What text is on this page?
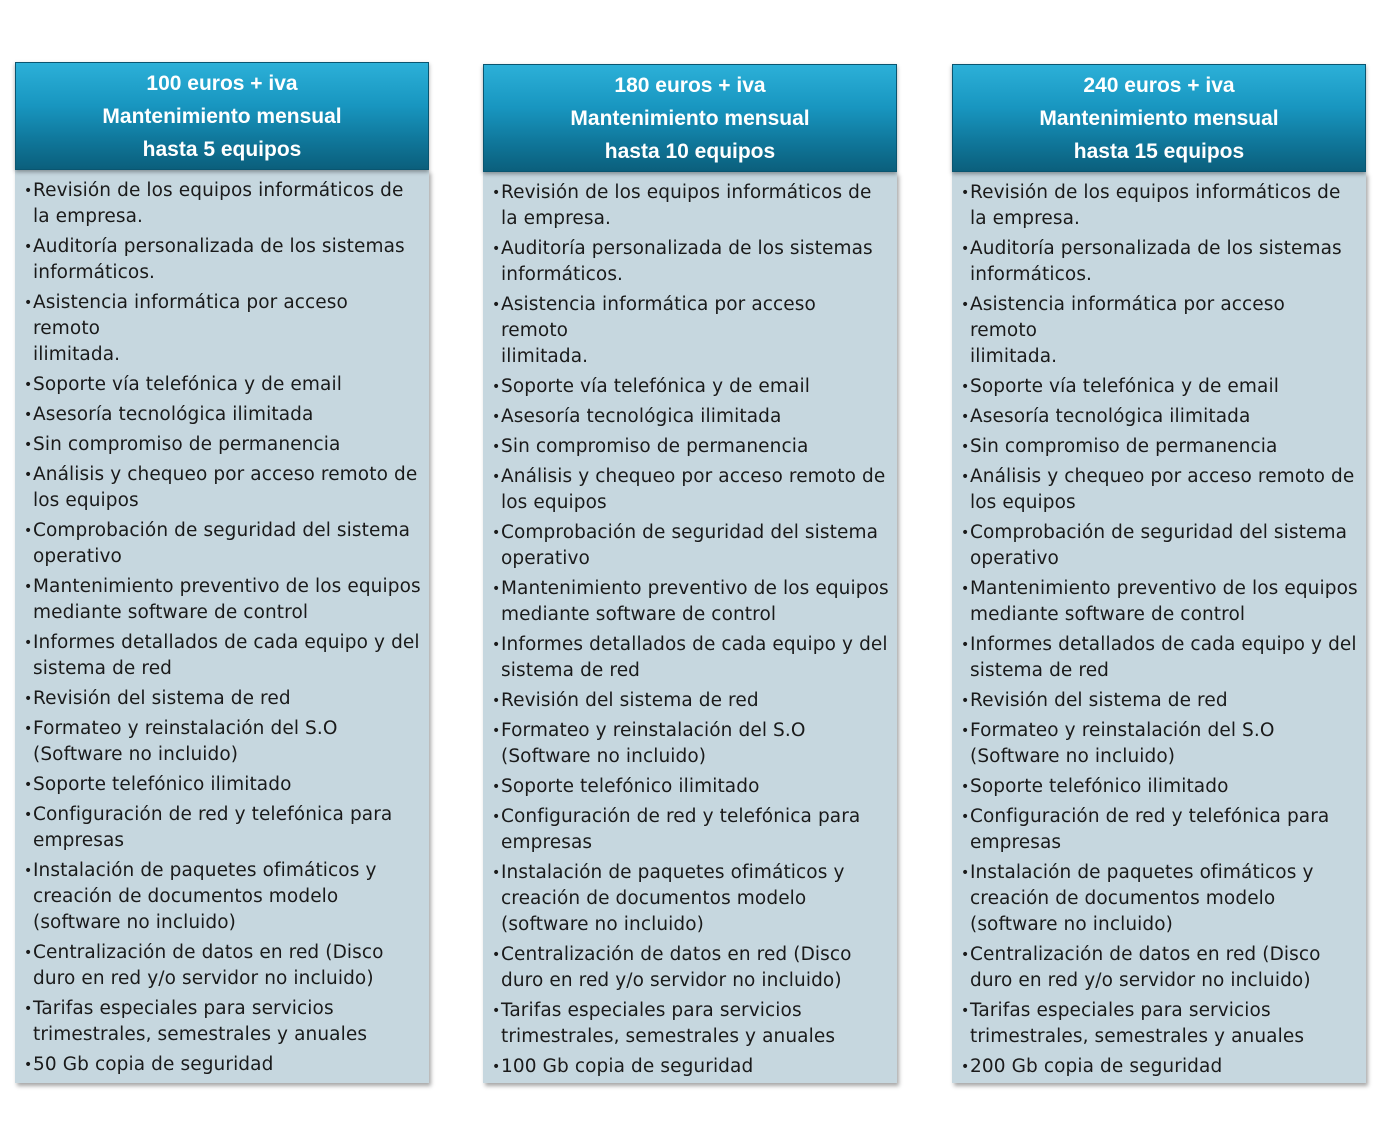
100 euros + iva
Mantenimiento mensual
hasta 5 equipos
• Revisión de los equipos informáticos de
la empresa.
• Auditoría personalizada de los sistemas
informáticos.
• Asistencia informática por acceso remoto
ilimitada.
• Soporte vía telefónica y de email
• Asesoría tecnológica ilimitada
• Sin compromiso de permanencia
• Análisis y chequeo por acceso remoto de
los equipos
• Comprobación de seguridad del sistema
operativo
• Mantenimiento preventivo de los equipos
mediante software de control
• Informes detallados de cada equipo y del
sistema de red
• Revisión del sistema de red
• Formateo y reinstalación del S.O
(Software no incluido)
• Soporte telefónico ilimitado
• Configuración de red y telefónica para
empresas
• Instalación de paquetes ofimáticos y
creación de documentos modelo
(software no incluido)
• Centralización de datos en red (Disco
duro en red y/o servidor no incluido)
• Tarifas especiales para servicios
trimestrales, semestrales y anuales
• 50 Gb copia de seguridad
180 euros + iva
Mantenimiento mensual
hasta 10 equipos
• Revisión de los equipos informáticos de
la empresa.
• Auditoría personalizada de los sistemas
informáticos.
• Asistencia informática por acceso remoto
ilimitada.
• Soporte vía telefónica y de email
• Asesoría tecnológica ilimitada
• Sin compromiso de permanencia
• Análisis y chequeo por acceso remoto de
los equipos
• Comprobación de seguridad del sistema
operativo
• Mantenimiento preventivo de los equipos
mediante software de control
• Informes detallados de cada equipo y del
sistema de red
• Revisión del sistema de red
• Formateo y reinstalación del S.O
(Software no incluido)
• Soporte telefónico ilimitado
• Configuración de red y telefónica para
empresas
• Instalación de paquetes ofimáticos y
creación de documentos modelo
(software no incluido)
• Centralización de datos en red (Disco
duro en red y/o servidor no incluido)
• Tarifas especiales para servicios
trimestrales, semestrales y anuales
• 100 Gb copia de seguridad
240 euros + iva
Mantenimiento mensual
hasta 15 equipos
• Revisión de los equipos informáticos de
la empresa.
• Auditoría personalizada de los sistemas
informáticos.
• Asistencia informática por acceso remoto
ilimitada.
• Soporte vía telefónica y de email
• Asesoría tecnológica ilimitada
• Sin compromiso de permanencia
• Análisis y chequeo por acceso remoto de
los equipos
• Comprobación de seguridad del sistema
operativo
• Mantenimiento preventivo de los equipos
mediante software de control
• Informes detallados de cada equipo y del
sistema de red
• Revisión del sistema de red
• Formateo y reinstalación del S.O
(Software no incluido)
• Soporte telefónico ilimitado
• Configuración de red y telefónica para
empresas
• Instalación de paquetes ofimáticos y
creación de documentos modelo
(software no incluido)
• Centralización de datos en red (Disco
duro en red y/o servidor no incluido)
• Tarifas especiales para servicios
trimestrales, semestrales y anuales
• 200 Gb copia de seguridad
